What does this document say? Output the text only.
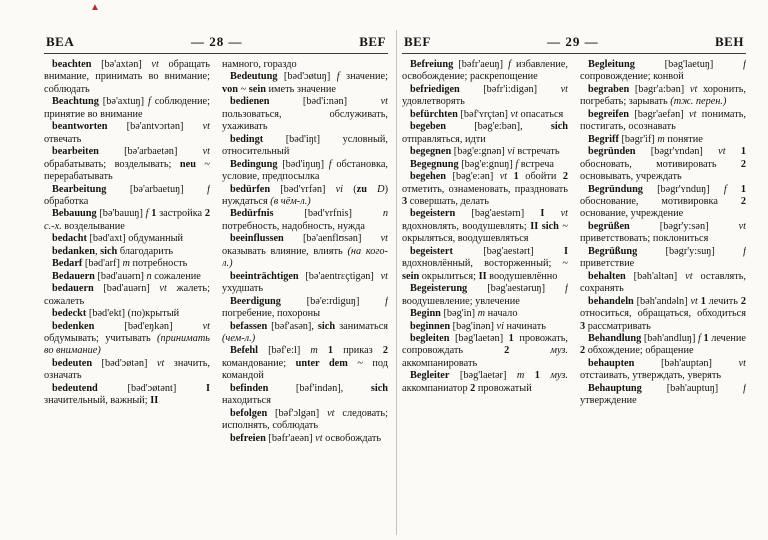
▲
BEA	— 28 —	BEF

beachten [bə'axtən] vt обращать внимание, принимать во внимание; соблюдать

Beachtung [bə'axtuŋ] f соблюдение; принятие во внимание

beantworten [bə'antvɔrtən] vt отвечать

bearbeiten [bə'arbaetən] vt обрабатывать; возделывать; neu ~ перерабатывать

Bearbeitung [bə'arbaetuŋ] f обработка

Bebauung [bə'bauuŋ] f 1 застройка 2 с.-х. возделывание

bedacht [bəd'axt] обдуманный

bedanken, sich благодарить

Bedarf [bəd'arf] m потребность

Bedauern [bəd'auərn] n сожаление

bedauern [bəd'auərn] vt жалеть; сожалеть

bedeckt [bəd'ekt] (по)крытый

bedenken [bəd'eŋkən] vt обдумывать; учитывать (принимать во внимание)

bedeuten [bəd'ɔøtən] vt значить, означать

bedeutend [bəd'ɔøtənt] I значительный, важный; II

намного, гораздо

Bedeutung [bəd'ɔøtuŋ] f значение; von ~ sein иметь значение

bedienen [bəd'i:nən] vt пользоваться, обслуживать, ухаживать

bedingt [bəd'iŋt] условный, относительный

Bedingung [bəd'iŋuŋ] f обстановка, условие, предпосылка

bedürfen [bəd'ʏrfən] vi (zu D) нуждаться (в чём-л.)

Bedürfnis [bəd'ʏrfnis] n потребность, надобность, нужда

beeinflussen [bə'aenflʊsən] vt оказывать влияние, влиять (на кого-л.)

beeinträchtigen [bə'aentrɛçtigən] vt ухудшать

Beerdigung [bə'e:rdiguŋ] f погребение, похороны

befassen [bəf'asən], sich заниматься (чем-л.)

Befehl [bəf'e:l] m 1 приказ 2 командование; unter dem ~ под командой

befinden [bəf'indən], sich находиться

befolgen [bəf'ɔlgən] vt следовать; исполнять, соблюдать

befreien [bəfr'aeən] vt освобождать

BEF	— 29 —	BEH

Befreiung [bəfr'aeuŋ] f избавление, освобождение; раскрепощение

befriedigen [bəfr'i:digən] vt удовлетворять

befürchten [bəf'ʏrçtən] vt опасаться

begeben [bəg'e:bən], sich отправляться, идти

begegnen [bəg'e:gnən] vi встречать

Begegnung [bəg'e:gnuŋ] f встреча

begehen [bəg'e:ən] vt 1 обойти 2 отметить, ознаменовать, праздновать 3 совершать, делать

begeistern [bəg'aestərn] I vt вдохновлять, воодушевлять; II sich ~ окрыляться, воодушевляться

begeistert [bəg'aestərt] I вдохновлённый, восторженный; ~ sein окрылиться; II воодушевлённо

Begeisterung [bəg'aestəruŋ] f воодушевление; увлечение

Beginn [bəg'in] m начало

beginnen [bəg'inən] vi начинать

begleiten [bəg'laetən] 1 провожать, сопровождать 2	муз. аккомпанировать

Begleiter [bəg'laetər] m 1 муз. аккомпаниатор 2 провожатый

Begleitung [bəg'laetuŋ] f сопровождение; конвой

begraben [bəgr'a:bən] vt хоронить, погребать; зарывать (тж. перен.)

begreifen [bəgr'aefən] vt понимать, постигать, осознавать

Begriff [bəgr'if] m понятие

begründen [bəgr'ʏndən] vt 1 обосновать, мотивировать 2 основывать, учреждать

Begründung [bəgr'ʏnduŋ] f 1 обоснование, мотивировка 2 основание, учреждение

begrüßen [bəgr'y:sən] vt приветствовать; поклониться

Begrüßung [bəgr'y:suŋ] f приветствие

behalten [bəh'altən] vt оставлять, сохранять

behandeln [bəh'andəln] vt 1 лечить 2 относиться, обращаться, обходиться 3 рассматривать

Behandlung [bəh'andluŋ] f 1 лечение 2 обхождение; обращение

behaupten [bəh'auptən] vt отстаивать, утверждать, уверять

Behauptung [bəh'auptuŋ] f утверждение
